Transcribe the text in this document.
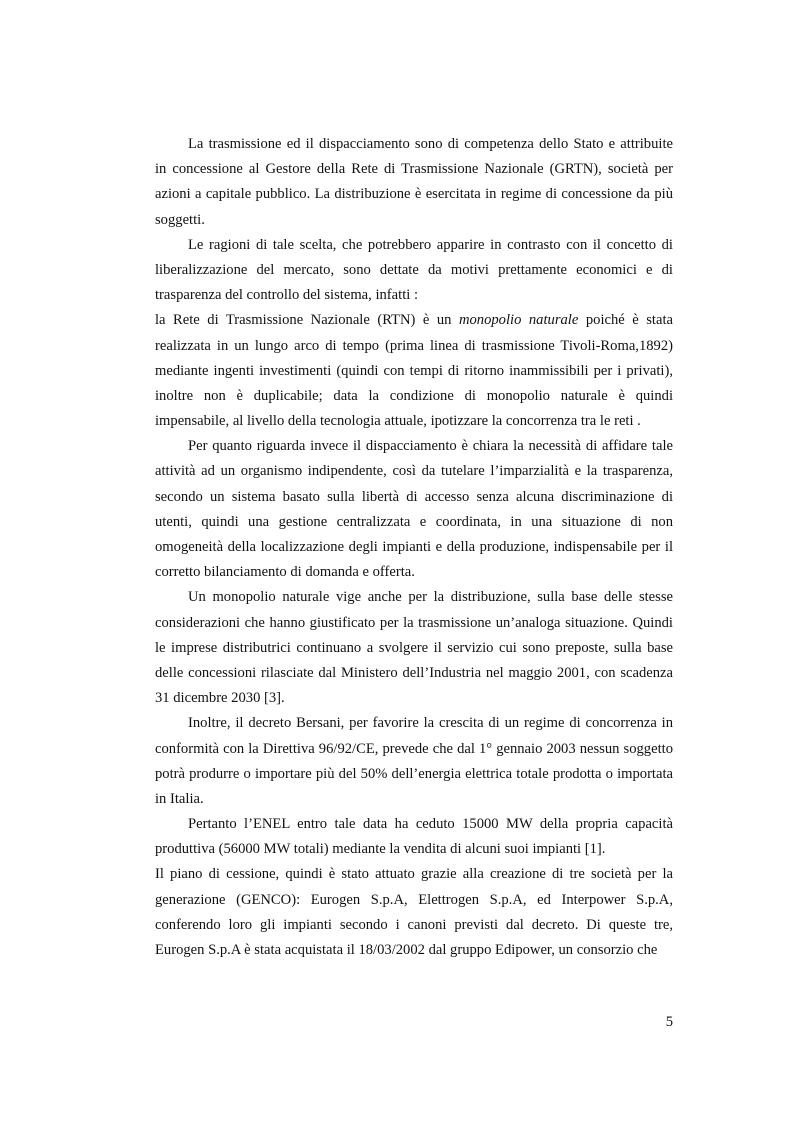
La trasmissione ed il dispacciamento sono di competenza dello Stato e attribuite
in concessione al Gestore della Rete di Trasmissione Nazionale (GRTN), società per
azioni a capitale pubblico. La distribuzione è esercitata in regime di concessione da più
soggetti.
Le ragioni di tale scelta, che potrebbero apparire in contrasto con il concetto di
liberalizzazione del mercato, sono dettate da motivi prettamente economici e di
trasparenza del controllo del sistema, infatti :
la Rete di Trasmissione Nazionale (RTN) è un monopolio naturale poiché è stata
realizzata in un lungo arco di tempo (prima linea di trasmissione Tivoli-Roma,1892)
mediante ingenti investimenti (quindi con tempi di ritorno inammissibili per i privati),
inoltre non è duplicabile; data la condizione di monopolio naturale è quindi
impensabile, al livello della tecnologia attuale, ipotizzare la concorrenza tra le reti .
Per quanto riguarda invece il dispacciamento è chiara la necessità di affidare tale
attività ad un organismo indipendente, così da tutelare l’imparzialità e la trasparenza,
secondo un sistema basato sulla libertà di accesso senza alcuna discriminazione di
utenti, quindi una gestione centralizzata e coordinata, in una situazione di non
omogeneità della localizzazione degli impianti e della produzione, indispensabile per il
corretto bilanciamento di domanda e offerta.
Un monopolio naturale vige anche per la distribuzione, sulla base delle stesse
considerazioni che hanno giustificato per la trasmissione un’analoga situazione. Quindi
le imprese distributrici continuano a svolgere il servizio cui sono preposte, sulla base
delle concessioni rilasciate dal Ministero dell’Industria nel maggio 2001, con scadenza
31 dicembre 2030 [3].
Inoltre, il decreto Bersani, per favorire la crescita di un regime di concorrenza in
conformità con la Direttiva 96/92/CE, prevede che dal 1° gennaio 2003 nessun soggetto
potrà produrre o importare più del 50% dell’energia elettrica totale prodotta o importata
in Italia.
Pertanto l’ENEL entro tale data ha ceduto 15000 MW della propria capacità
produttiva (56000 MW totali) mediante la vendita di alcuni suoi impianti [1].
Il piano di cessione, quindi è stato attuato grazie alla creazione di tre società per la
generazione (GENCO): Eurogen S.p.A, Elettrogen S.p.A, ed Interpower S.p.A,
conferendo loro gli impianti secondo i canoni previsti dal decreto. Di queste tre,
Eurogen S.p.A è stata acquistata il 18/03/2002 dal gruppo Edipower, un consorzio che
5
